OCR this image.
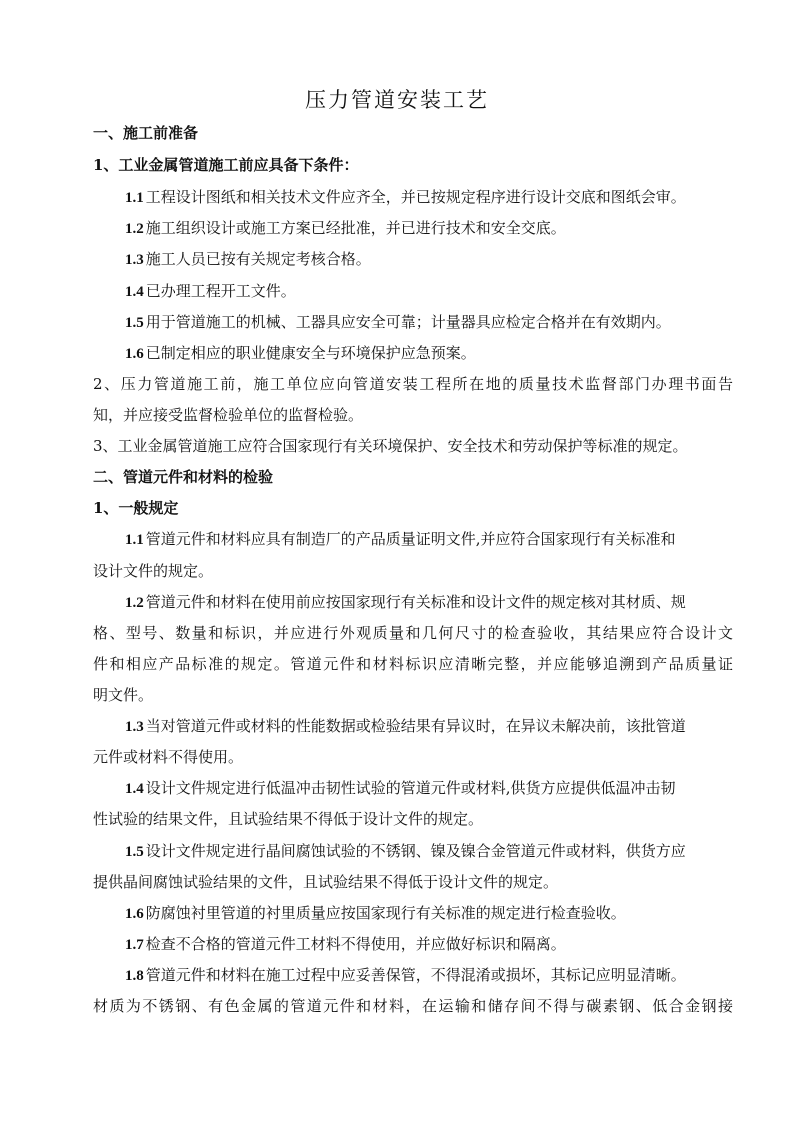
压力管道安装工艺
一、施工前准备
1、工业金属管道施工前应具备下条件：
1.1 工程设计图纸和相关技术文件应齐全，并已按规定程序进行设计交底和图纸会审。
1.2 施工组织设计或施工方案已经批准，并已进行技术和安全交底。
1.3 施工人员已按有关规定考核合格。
1.4 已办理工程开工文件。
1.5 用于管道施工的机械、工器具应安全可靠；计量器具应检定合格并在有效期内。
1.6 已制定相应的职业健康安全与环境保护应急预案。
2、压力管道施工前，施工单位应向管道安装工程所在地的质量技术监督部门办理书面告
知，并应接受监督检验单位的监督检验。
3、工业金属管道施工应符合国家现行有关环境保护、安全技术和劳动保护等标准的规定。
二、管道元件和材料的检验
1、一般规定
1.1 管道元件和材料应具有制造厂的产品质量证明文件,并应符合国家现行有关标准和
设计文件的规定。
1.2 管道元件和材料在使用前应按国家现行有关标准和设计文件的规定核对其材质、规
格、型号、数量和标识，并应进行外观质量和几何尺寸的检查验收，其结果应符合设计文
件和相应产品标准的规定。管道元件和材料标识应清晰完整，并应能够追溯到产品质量证
明文件。
1.3 当对管道元件或材料的性能数据或检验结果有异议时，在异议未解决前，该批管道
元件或材料不得使用。
1.4 设计文件规定进行低温冲击韧性试验的管道元件或材料,供货方应提供低温冲击韧
性试验的结果文件，且试验结果不得低于设计文件的规定。
1.5 设计文件规定进行晶间腐蚀试验的不锈钢、镍及镍合金管道元件或材料，供货方应
提供晶间腐蚀试验结果的文件，且试验结果不得低于设计文件的规定。
1.6 防腐蚀衬里管道的衬里质量应按国家现行有关标准的规定进行检查验收。
1.7 检查不合格的管道元件工材料不得使用，并应做好标识和隔离。
1.8 管道元件和材料在施工过程中应妥善保管，不得混淆或损坏，其标记应明显清晰。
材质为不锈钢、有色金属的管道元件和材料，在运输和储存间不得与碳素钢、低合金钢接
